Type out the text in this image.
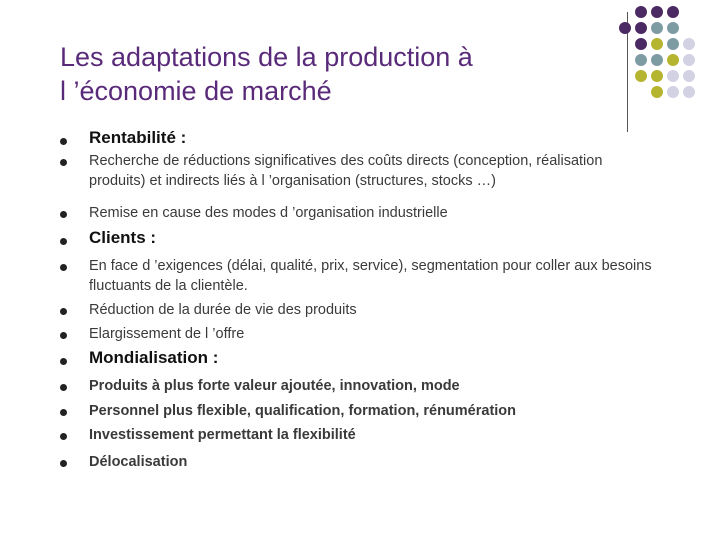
Les adaptations de la production à
l ’économie de marché
Rentabilité :
Recherche de réductions significatives des coûts directs (conception, réalisation produits) et indirects liés à l ’organisation (structures, stocks …)
Remise en cause des modes d ’organisation industrielle
Clients :
En face d ’exigences (délai, qualité, prix, service), segmentation pour coller aux besoins fluctuants de la clientèle.
Réduction de la durée de vie des produits
Elargissement de l ’offre
Mondialisation :
Produits à plus forte valeur ajoutée, innovation, mode
Personnel plus flexible, qualification, formation, rénumération
Investissement permettant la flexibilité
Délocalisation
